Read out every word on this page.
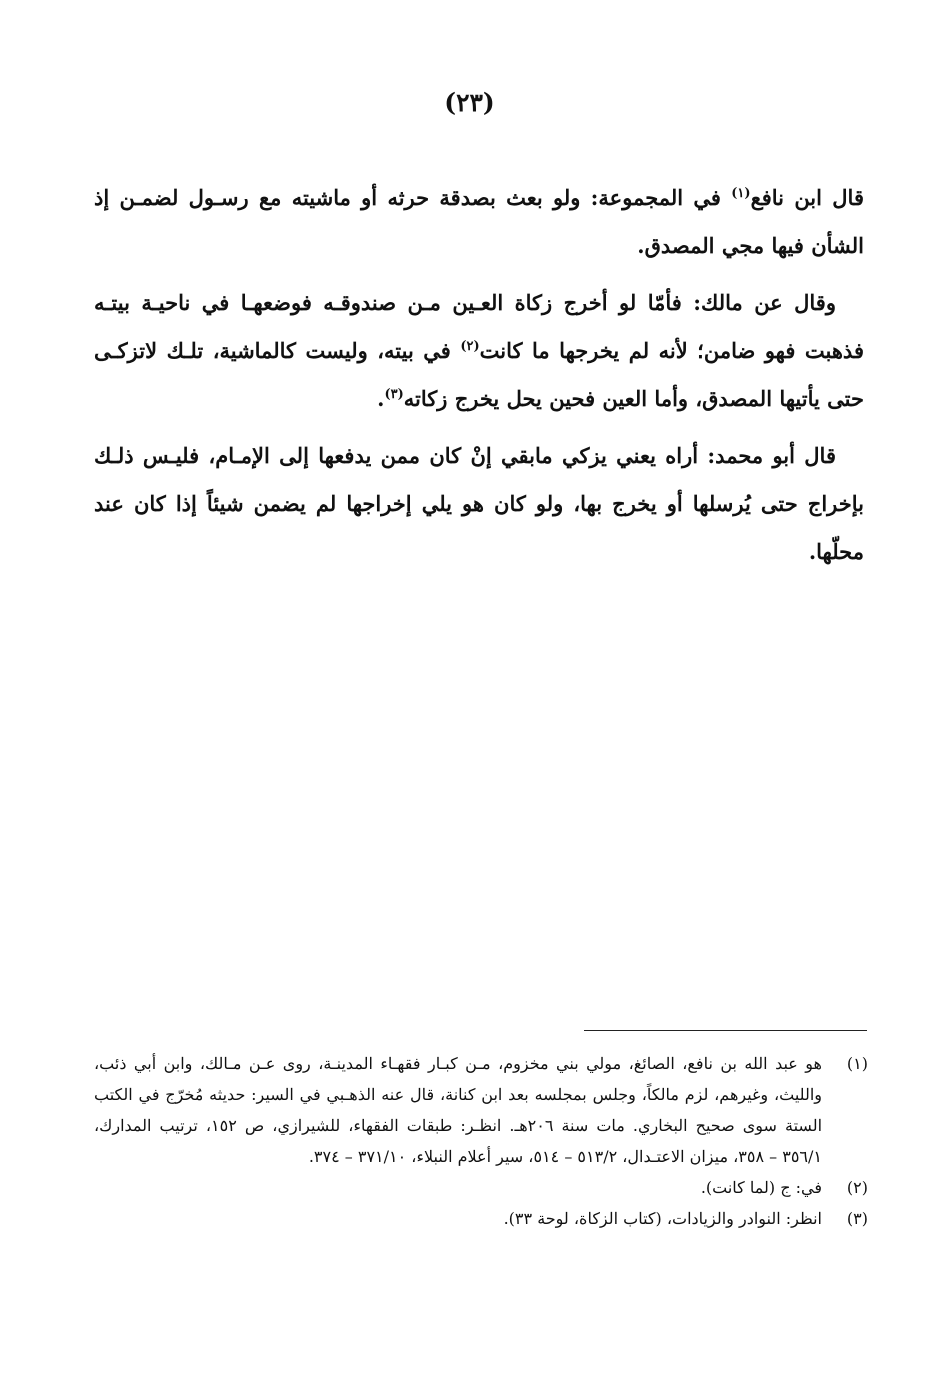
(٢٣)

قال ابن نافع$^{(١)}$ في المجموعة: ولو بعث بصدقة حرثه أو ماشيته مع رسـول لضمـن إذ الشأن فيها مجي المصدق.

وقال عن مالك: فأمّا لو أخرج زكاة العـين مـن صندوقـه فوضعهـا في ناحيـة بيتـه فذهبت فهو ضامن؛ لأنه لم يخرجها ما كانت$^{(٢)}$ في بيته، وليست كالماشية، تلـك لاتزكـى حتى يأتيها المصدق، وأما العين فحين يحل يخرج زكاته$^{(٣)}$.

قال أبو محمد: أراه يعني يزكي مابقي إنْ كان ممن يدفعها إلى الإمـام، فليـس ذلـك بإخراج حتى يُرسلها أو يخرج بها، ولو كان هو يلي إخراجها لم يضمن شيئاً إذا كان عند محلّها.

(١)
هو عبد الله بن نافع، الصائغ، مولي بني مخزوم، مـن كبـار فقهـاء المدينـة، روى عـن مـالك، وابن أبي ذئب، والليث، وغيرهم، لزم مالكاً، وجلس بمجلسه بعد ابن كنانة، قال عنه الذهـبي في السير: حديثه مُخرّج في الكتب الستة سوى صحيح البخاري. مات سنة ٢٠٦هـ. انظـر: طبقات الفقهاء، للشيرازي، ص ١٥٢، ترتيب المدارك، ٣٥٦/١ – ٣٥٨، ميزان الاعتـدال، ٥١٣/٢ – ٥١٤، سير أعلام النبلاء، ٣٧١/١٠ – ٣٧٤.
(٢)
في: ج (لما كانت).
(٣)
انظر: النوادر والزيادات، (كتاب الزكاة، لوحة ٣٣).
